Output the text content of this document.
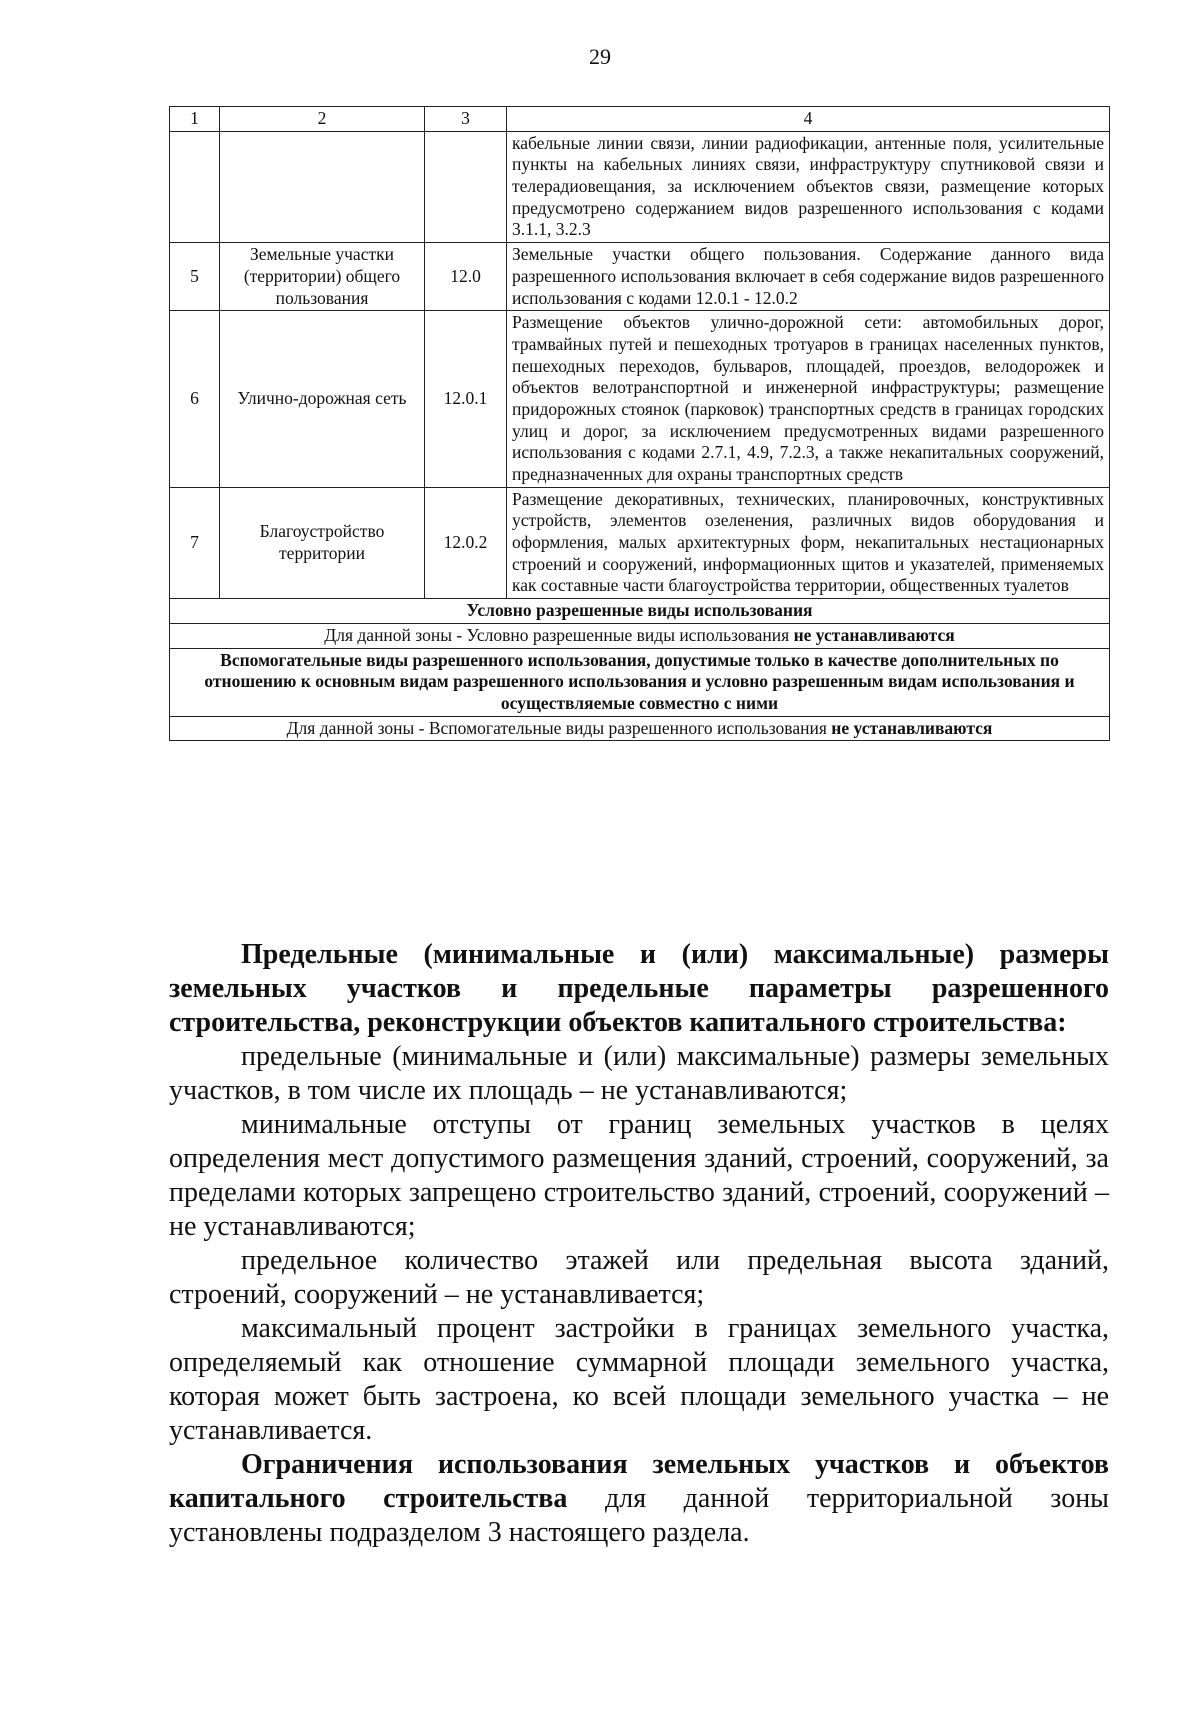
29
1	2	3	4
			кабельные линии связи, линии радиофикации, антенные поля, усилительные пункты на кабельных линиях связи, инфраструктуру спутниковой связи и телерадиовещания, за исключением объектов связи, размещение которых предусмотрено содержанием видов разрешенного использования с кодами 3.1.1, 3.2.3
5	Земельные участки (территории) общего пользования	12.0	Земельные участки общего пользования. Содержание данного вида разрешенного использования включает в себя содержание видов разрешенного использования с кодами 12.0.1 - 12.0.2
6	Улично-дорожная сеть	12.0.1	Размещение объектов улично-дорожной сети: автомобильных дорог, трамвайных путей и пешеходных тротуаров в границах населенных пунктов, пешеходных переходов, бульваров, площадей, проездов, велодорожек и объектов велотранспортной и инженерной инфраструктуры; размещение придорожных стоянок (парковок) транспортных средств в границах городских улиц и дорог, за исключением предусмотренных видами разрешенного использования с кодами 2.7.1, 4.9, 7.2.3, а также некапитальных сооружений, предназначенных для охраны транспортных средств
7	Благоустройство территории	12.0.2	Размещение декоративных, технических, планировочных, конструктивных устройств, элементов озеленения, различных видов оборудования и оформления, малых архитектурных форм, некапитальных нестационарных строений и сооружений, информационных щитов и указателей, применяемых как составные части благоустройства территории, общественных туалетов
Условно разрешенные виды использования			
Для данной зоны - Условно разрешенные виды использования не устанавливаются			
Вспомогательные виды разрешенного использования, допустимые только в качестве дополнительных по отношению к основным видам разрешенного использования и условно разрешенным видам использования и осуществляемые совместно с ними			
Для данной зоны - Вспомогательные виды разрешенного использования не устанавливаются			
Предельные (минимальные и (или) максимальные) размеры земельных участков и предельные параметры разрешенного строительства, реконструкции объектов капитального строительства:
предельные (минимальные и (или) максимальные) размеры земельных участков, в том числе их площадь – не устанавливаются;
минимальные отступы от границ земельных участков в целях определения мест допустимого размещения зданий, строений, сооружений, за пределами которых запрещено строительство зданий, строений, сооружений – не устанавливаются;
предельное количество этажей или предельная высота зданий, строений, сооружений – не устанавливается;
максимальный процент застройки в границах земельного участка, определяемый как отношение суммарной площади земельного участка, которая может быть застроена, ко всей площади земельного участка – не устанавливается.
Ограничения использования земельных участков и объектов капитального строительства для данной территориальной зоны установлены подразделом 3 настоящего раздела.
